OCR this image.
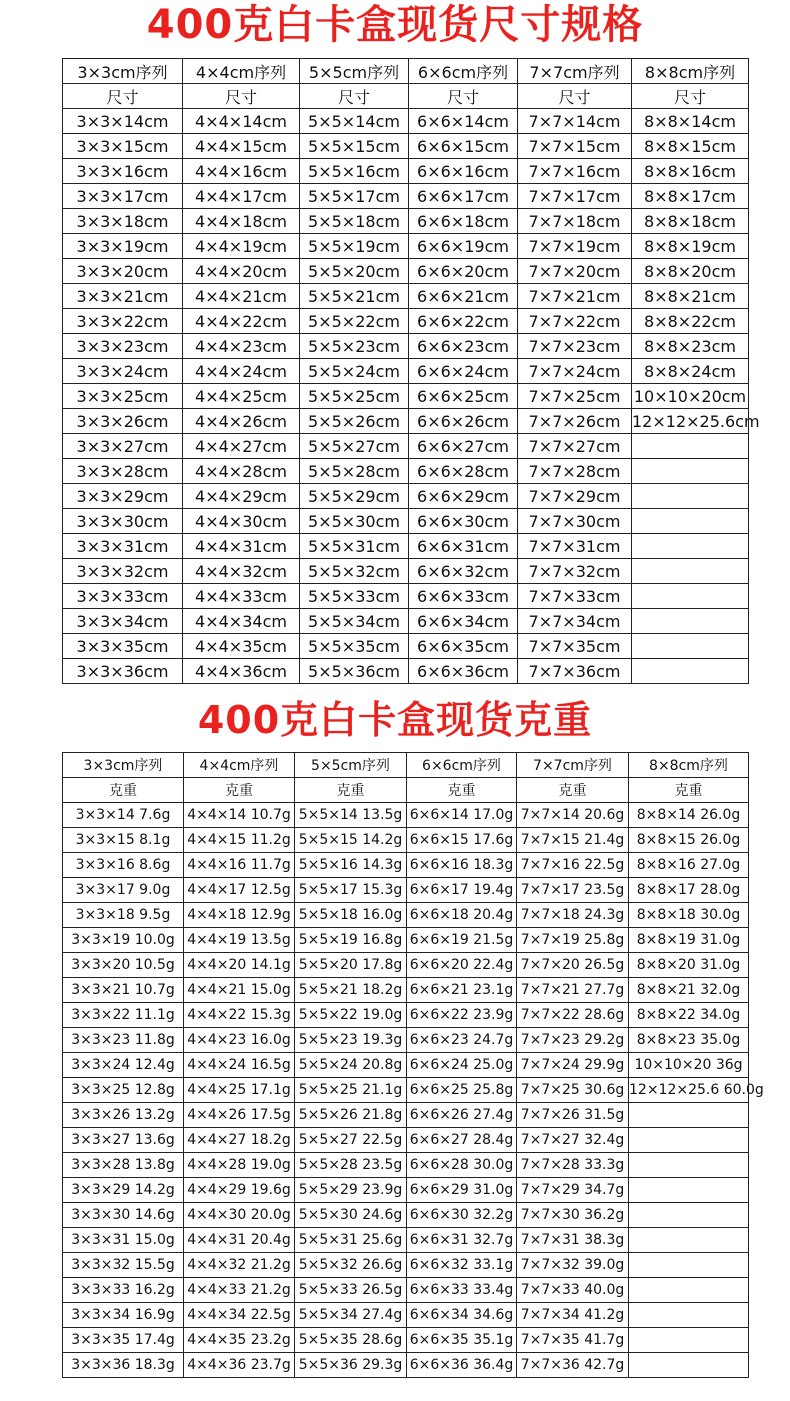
400克白卡盒现货尺寸规格
3×3cm序列	4×4cm序列	5×5cm序列	6×6cm序列	7×7cm序列	8×8cm序列
尺寸	尺寸	尺寸	尺寸	尺寸	尺寸
3×3×14cm	4×4×14cm	5×5×14cm	6×6×14cm	7×7×14cm	8×8×14cm
3×3×15cm	4×4×15cm	5×5×15cm	6×6×15cm	7×7×15cm	8×8×15cm
3×3×16cm	4×4×16cm	5×5×16cm	6×6×16cm	7×7×16cm	8×8×16cm
3×3×17cm	4×4×17cm	5×5×17cm	6×6×17cm	7×7×17cm	8×8×17cm
3×3×18cm	4×4×18cm	5×5×18cm	6×6×18cm	7×7×18cm	8×8×18cm
3×3×19cm	4×4×19cm	5×5×19cm	6×6×19cm	7×7×19cm	8×8×19cm
3×3×20cm	4×4×20cm	5×5×20cm	6×6×20cm	7×7×20cm	8×8×20cm
3×3×21cm	4×4×21cm	5×5×21cm	6×6×21cm	7×7×21cm	8×8×21cm
3×3×22cm	4×4×22cm	5×5×22cm	6×6×22cm	7×7×22cm	8×8×22cm
3×3×23cm	4×4×23cm	5×5×23cm	6×6×23cm	7×7×23cm	8×8×23cm
3×3×24cm	4×4×24cm	5×5×24cm	6×6×24cm	7×7×24cm	8×8×24cm
3×3×25cm	4×4×25cm	5×5×25cm	6×6×25cm	7×7×25cm	10×10×20cm
3×3×26cm	4×4×26cm	5×5×26cm	6×6×26cm	7×7×26cm	12×12×25.6cm
3×3×27cm	4×4×27cm	5×5×27cm	6×6×27cm	7×7×27cm	
3×3×28cm	4×4×28cm	5×5×28cm	6×6×28cm	7×7×28cm	
3×3×29cm	4×4×29cm	5×5×29cm	6×6×29cm	7×7×29cm	
3×3×30cm	4×4×30cm	5×5×30cm	6×6×30cm	7×7×30cm	
3×3×31cm	4×4×31cm	5×5×31cm	6×6×31cm	7×7×31cm	
3×3×32cm	4×4×32cm	5×5×32cm	6×6×32cm	7×7×32cm	
3×3×33cm	4×4×33cm	5×5×33cm	6×6×33cm	7×7×33cm	
3×3×34cm	4×4×34cm	5×5×34cm	6×6×34cm	7×7×34cm	
3×3×35cm	4×4×35cm	5×5×35cm	6×6×35cm	7×7×35cm	
3×3×36cm	4×4×36cm	5×5×36cm	6×6×36cm	7×7×36cm	
400克白卡盒现货克重
3×3cm序列	4×4cm序列	5×5cm序列	6×6cm序列	7×7cm序列	8×8cm序列
克重	克重	克重	克重	克重	克重
3×3×14 7.6g	4×4×14 10.7g	5×5×14 13.5g	6×6×14 17.0g	7×7×14 20.6g	8×8×14 26.0g
3×3×15 8.1g	4×4×15 11.2g	5×5×15 14.2g	6×6×15 17.6g	7×7×15 21.4g	8×8×15 26.0g
3×3×16 8.6g	4×4×16 11.7g	5×5×16 14.3g	6×6×16 18.3g	7×7×16 22.5g	8×8×16 27.0g
3×3×17 9.0g	4×4×17 12.5g	5×5×17 15.3g	6×6×17 19.4g	7×7×17 23.5g	8×8×17 28.0g
3×3×18 9.5g	4×4×18 12.9g	5×5×18 16.0g	6×6×18 20.4g	7×7×18 24.3g	8×8×18 30.0g
3×3×19 10.0g	4×4×19 13.5g	5×5×19 16.8g	6×6×19 21.5g	7×7×19 25.8g	8×8×19 31.0g
3×3×20 10.5g	4×4×20 14.1g	5×5×20 17.8g	6×6×20 22.4g	7×7×20 26.5g	8×8×20 31.0g
3×3×21 10.7g	4×4×21 15.0g	5×5×21 18.2g	6×6×21 23.1g	7×7×21 27.7g	8×8×21 32.0g
3×3×22 11.1g	4×4×22 15.3g	5×5×22 19.0g	6×6×22 23.9g	7×7×22 28.6g	8×8×22 34.0g
3×3×23 11.8g	4×4×23 16.0g	5×5×23 19.3g	6×6×23 24.7g	7×7×23 29.2g	8×8×23 35.0g
3×3×24 12.4g	4×4×24 16.5g	5×5×24 20.8g	6×6×24 25.0g	7×7×24 29.9g	10×10×20 36g
3×3×25 12.8g	4×4×25 17.1g	5×5×25 21.1g	6×6×25 25.8g	7×7×25 30.6g	12×12×25.6 60.0g
3×3×26 13.2g	4×4×26 17.5g	5×5×26 21.8g	6×6×26 27.4g	7×7×26 31.5g	
3×3×27 13.6g	4×4×27 18.2g	5×5×27 22.5g	6×6×27 28.4g	7×7×27 32.4g	
3×3×28 13.8g	4×4×28 19.0g	5×5×28 23.5g	6×6×28 30.0g	7×7×28 33.3g	
3×3×29 14.2g	4×4×29 19.6g	5×5×29 23.9g	6×6×29 31.0g	7×7×29 34.7g	
3×3×30 14.6g	4×4×30 20.0g	5×5×30 24.6g	6×6×30 32.2g	7×7×30 36.2g	
3×3×31 15.0g	4×4×31 20.4g	5×5×31 25.6g	6×6×31 32.7g	7×7×31 38.3g	
3×3×32 15.5g	4×4×32 21.2g	5×5×32 26.6g	6×6×32 33.1g	7×7×32 39.0g	
3×3×33 16.2g	4×4×33 21.2g	5×5×33 26.5g	6×6×33 33.4g	7×7×33 40.0g	
3×3×34 16.9g	4×4×34 22.5g	5×5×34 27.4g	6×6×34 34.6g	7×7×34 41.2g	
3×3×35 17.4g	4×4×35 23.2g	5×5×35 28.6g	6×6×35 35.1g	7×7×35 41.7g	
3×3×36 18.3g	4×4×36 23.7g	5×5×36 29.3g	6×6×36 36.4g	7×7×36 42.7g	
